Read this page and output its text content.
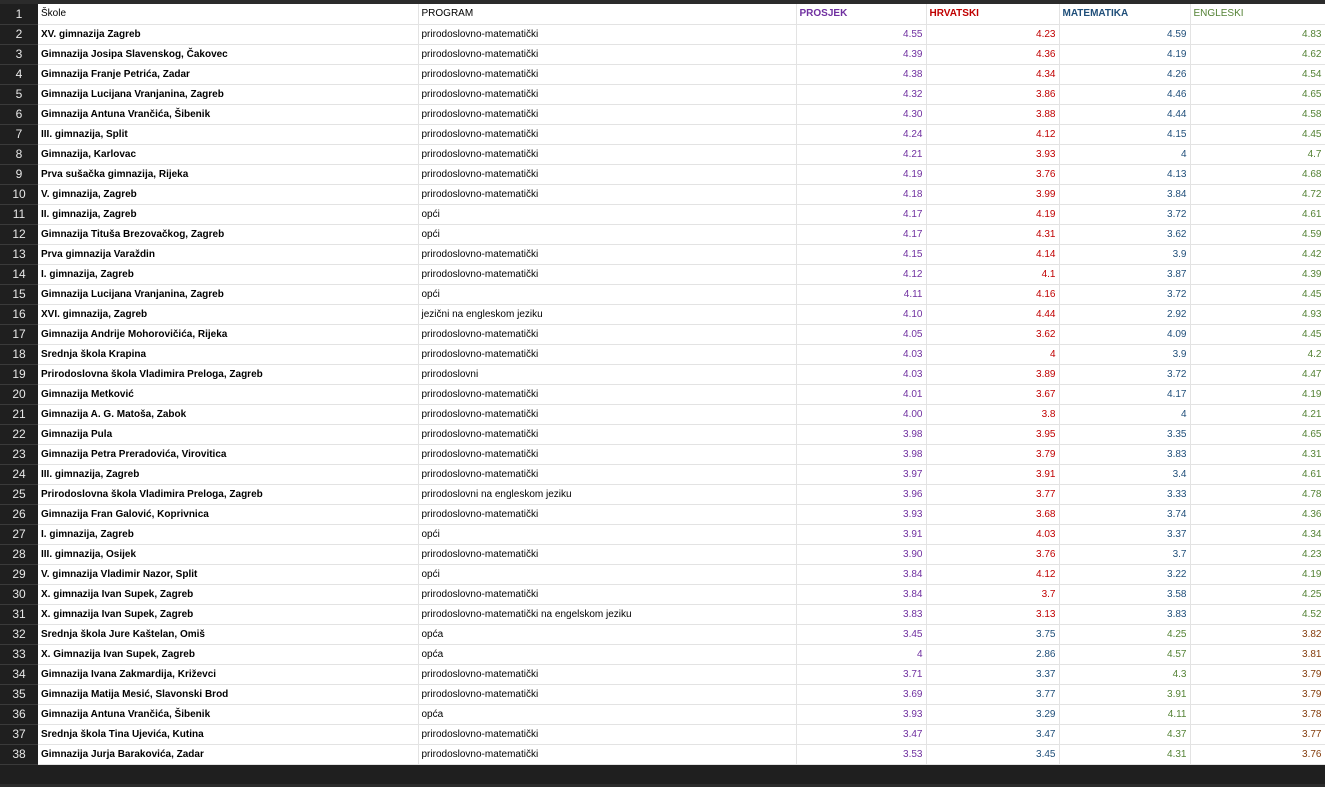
1	Škole	PROGRAM	PROSJEK	HRVATSKI	MATEMATIKA	ENGLESKI
2	XV. gimnazija Zagreb	prirodoslovno-matematički	4.55	4.23	4.59	4.83
3	Gimnazija Josipa Slavenskog, Čakovec	prirodoslovno-matematički	4.39	4.36	4.19	4.62
4	Gimnazija Franje Petrića, Zadar	prirodoslovno-matematički	4.38	4.34	4.26	4.54
5	Gimnazija Lucijana Vranjanina, Zagreb	prirodoslovno-matematički	4.32	3.86	4.46	4.65
6	Gimnazija Antuna Vrančića, Šibenik	prirodoslovno-matematički	4.30	3.88	4.44	4.58
7	III. gimnazija, Split	prirodoslovno-matematički	4.24	4.12	4.15	4.45
8	Gimnazija, Karlovac	prirodoslovno-matematički	4.21	3.93	4	4.7
9	Prva sušačka gimnazija, Rijeka	prirodoslovno-matematički	4.19	3.76	4.13	4.68
10	V. gimnazija, Zagreb	prirodoslovno-matematički	4.18	3.99	3.84	4.72
11	II. gimnazija, Zagreb	opći	4.17	4.19	3.72	4.61
12	Gimnazija Tituša Brezovačkog, Zagreb	opći	4.17	4.31	3.62	4.59
13	Prva gimnazija Varaždin	prirodoslovno-matematički	4.15	4.14	3.9	4.42
14	I. gimnazija, Zagreb	prirodoslovno-matematički	4.12	4.1	3.87	4.39
15	Gimnazija Lucijana Vranjanina, Zagreb	opći	4.11	4.16	3.72	4.45
16	XVI. gimnazija, Zagreb	jezični na engleskom jeziku	4.10	4.44	2.92	4.93
17	Gimnazija Andrije Mohorovičića, Rijeka	prirodoslovno-matematički	4.05	3.62	4.09	4.45
18	Srednja škola Krapina	prirodoslovno-matematički	4.03	4	3.9	4.2
19	Prirodoslovna škola Vladimira Preloga, Zagreb	prirodoslovni	4.03	3.89	3.72	4.47
20	Gimnazija Metković	prirodoslovno-matematički	4.01	3.67	4.17	4.19
21	Gimnazija A. G. Matoša, Zabok	prirodoslovno-matematički	4.00	3.8	4	4.21
22	Gimnazija Pula	prirodoslovno-matematički	3.98	3.95	3.35	4.65
23	Gimnazija Petra Preradovića, Virovitica	prirodoslovno-matematički	3.98	3.79	3.83	4.31
24	III. gimnazija, Zagreb	prirodoslovno-matematički	3.97	3.91	3.4	4.61
25	Prirodoslovna škola Vladimira Preloga, Zagreb	prirodoslovni na engleskom jeziku	3.96	3.77	3.33	4.78
26	Gimnazija Fran Galović, Koprivnica	prirodoslovno-matematički	3.93	3.68	3.74	4.36
27	I. gimnazija, Zagreb	opći	3.91	4.03	3.37	4.34
28	III. gimnazija, Osijek	prirodoslovno-matematički	3.90	3.76	3.7	4.23
29	V. gimnazija Vladimir Nazor, Split	opći	3.84	4.12	3.22	4.19
30	X. gimnazija Ivan Supek, Zagreb	prirodoslovno-matematički	3.84	3.7	3.58	4.25
31	X. gimnazija Ivan Supek, Zagreb	prirodoslovno-matematički na engelskom jeziku	3.83	3.13	3.83	4.52
32	Srednja škola Jure Kaštelan, Omiš	opća	3.45	3.75	4.25	3.82
33	X. Gimnazija Ivan Supek, Zagreb	opća	4	2.86	4.57	3.81
34	Gimnazija Ivana Zakmardija, Križevci	prirodoslovno-matematički	3.71	3.37	4.3	3.79
35	Gimnazija Matija Mesić, Slavonski Brod	prirodoslovno-matematički	3.69	3.77	3.91	3.79
36	Gimnazija Antuna Vrančića, Šibenik	opća	3.93	3.29	4.11	3.78
37	Srednja škola Tina Ujevića, Kutina	prirodoslovno-matematički	3.47	3.47	4.37	3.77
38	Gimnazija Jurja Barakovića, Zadar	prirodoslovno-matematički	3.53	3.45	4.31	3.76
